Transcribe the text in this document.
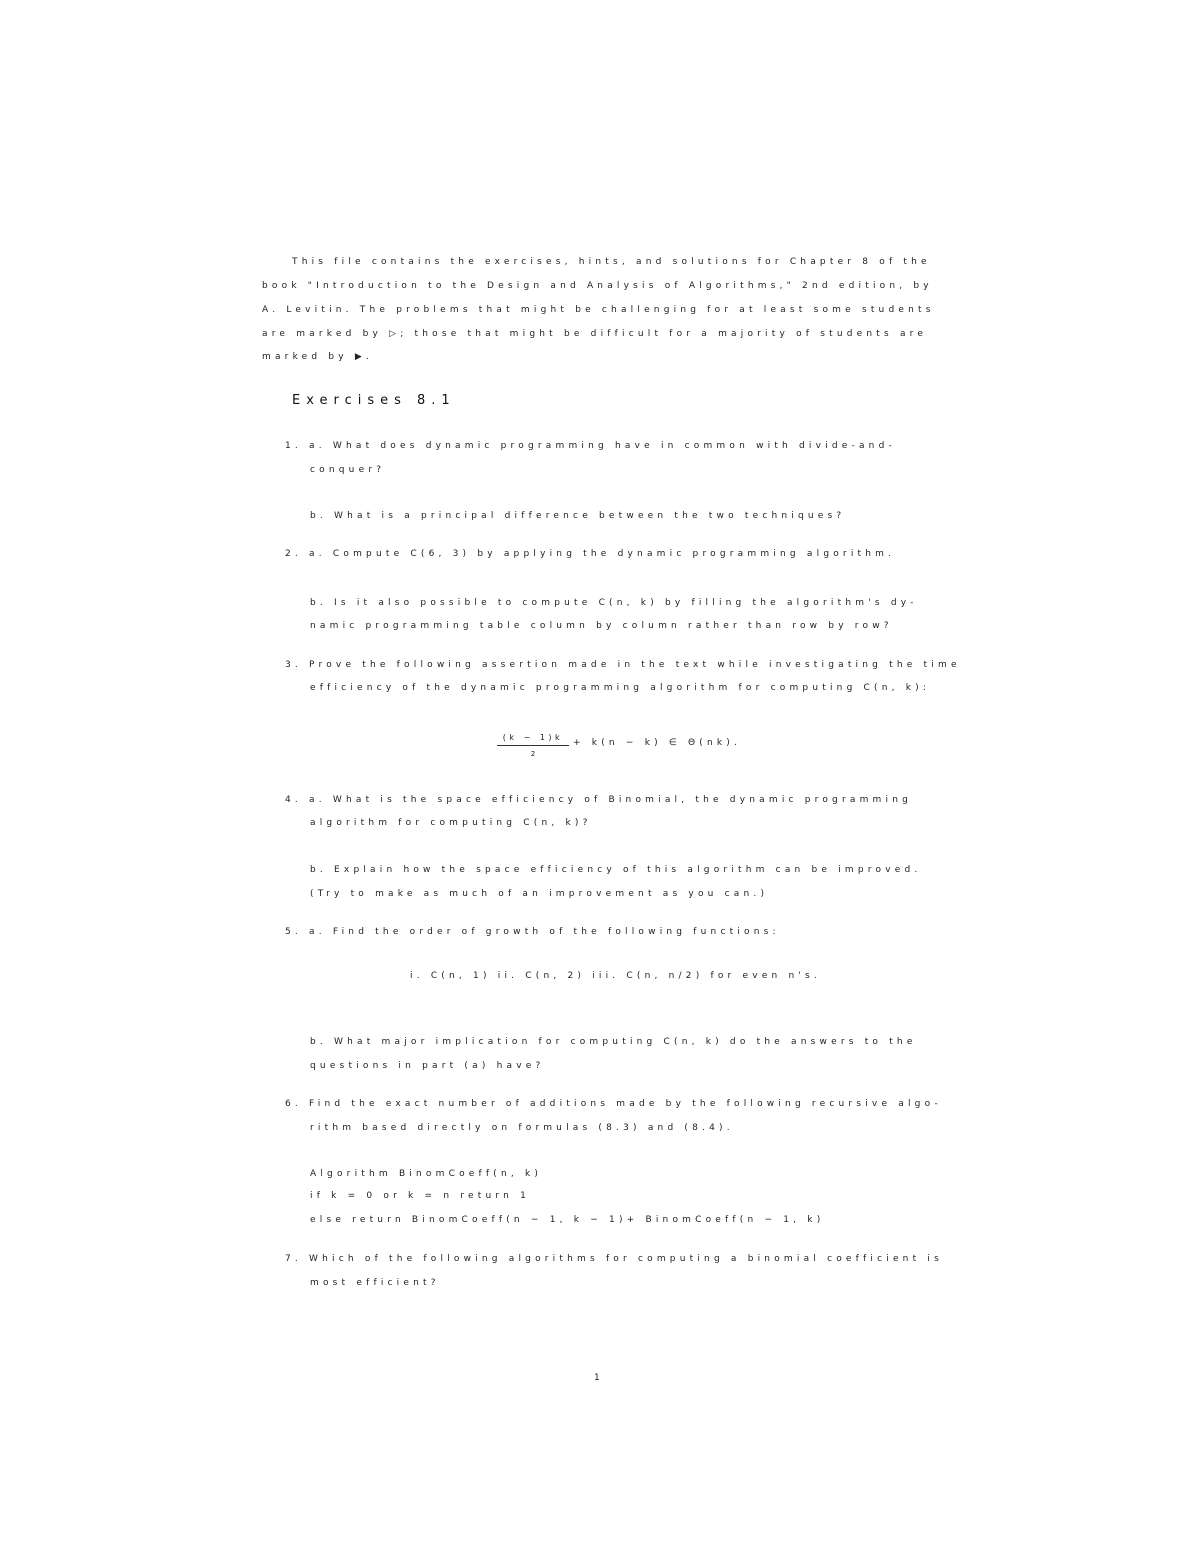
This file contains the exercises, hints, and solutions for Chapter 8 of the
book "Introduction to the Design and Analysis of Algorithms," 2nd edition, by
A. Levitin. The problems that might be challenging for at least some students
are marked by ▷; those that might be difficult for a majority of students are
marked by ▶.
Exercises 8.1
1. a. What does dynamic programming have in common with divide-and-
conquer?
b. What is a principal difference between the two techniques?
2. a. Compute C(6, 3) by applying the dynamic programming algorithm.
b. Is it also possible to compute C(n, k) by filling the algorithm's dy-
namic programming table column by column rather than row by row?
3. Prove the following assertion made in the text while investigating the time
efficiency of the dynamic programming algorithm for computing C(n, k):
(k − 1)k
2
+ k(n − k) ∈ Θ(nk).
4. a. What is the space efficiency of Binomial, the dynamic programming
algorithm for computing C(n, k)?
b. Explain how the space efficiency of this algorithm can be improved.
(Try to make as much of an improvement as you can.)
5. a. Find the order of growth of the following functions:
i. C(n, 1) ii. C(n, 2) iii. C(n, n/2) for even n's.
b. What major implication for computing C(n, k) do the answers to the
questions in part (a) have?
6. Find the exact number of additions made by the following recursive algo-
rithm based directly on formulas (8.3) and (8.4).
Algorithm BinomCoeff(n, k)
if k = 0 or k = n return 1
else return BinomCoeff(n − 1, k − 1)+ BinomCoeff(n − 1, k)
7. Which of the following algorithms for computing a binomial coefficient is
most efficient?
1
